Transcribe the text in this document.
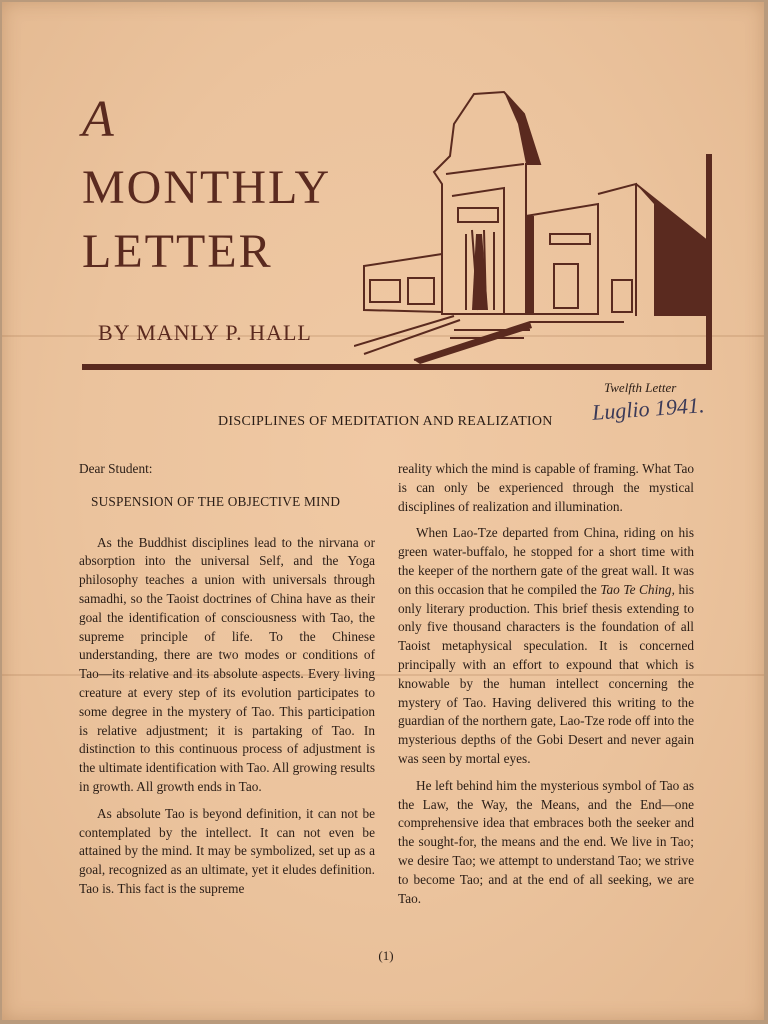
A
MONTHLY
LETTER
BY MANLY P. HALL
Twelfth Letter
Luglio 1941.
DISCIPLINES OF MEDITATION AND REALIZATION
Dear Student:
SUSPENSION OF THE OBJECTIVE MIND

As the Buddhist disciplines lead to the nirvana or absorption into the universal Self, and the Yoga philosophy teaches a union with universals through samadhi, so the Taoist doctrines of China have as their goal the identification of consciousness with Tao, the supreme principle of life. To the Chinese understanding, there are two modes or conditions of Tao—its relative and its absolute aspects. Every living creature at every step of its evolution participates to some degree in the mystery of Tao. This participation is relative adjustment; it is partaking of Tao. In distinction to this continuous process of adjustment is the ultimate identification with Tao. All growing results in growth. All growth ends in Tao.

As absolute Tao is beyond definition, it can not be contemplated by the intellect. It can not even be attained by the mind. It may be symbolized, set up as a goal, recognized as an ultimate, yet it eludes definition. Tao is. This fact is the supreme

reality which the mind is capable of framing. What Tao is can only be experienced through the mystical disciplines of realization and illumination.

When Lao-Tze departed from China, riding on his green water-buffalo, he stopped for a short time with the keeper of the northern gate of the great wall. It was on this occasion that he compiled the Tao Te Ching, his only literary production. This brief thesis extending to only five thousand characters is the foundation of all Taoist metaphysical speculation. It is concerned principally with an effort to expound that which is knowable by the human intellect concerning the mystery of Tao. Having delivered this writing to the guardian of the northern gate, Lao-Tze rode off into the mysterious depths of the Gobi Desert and never again was seen by mortal eyes.

He left behind him the mysterious symbol of Tao as the Law, the Way, the Means, and the End—one comprehensive idea that embraces both the seeker and the sought-for, the means and the end. We live in Tao; we desire Tao; we attempt to understand Tao; we strive to become Tao; and at the end of all seeking, we are Tao.

(1)
